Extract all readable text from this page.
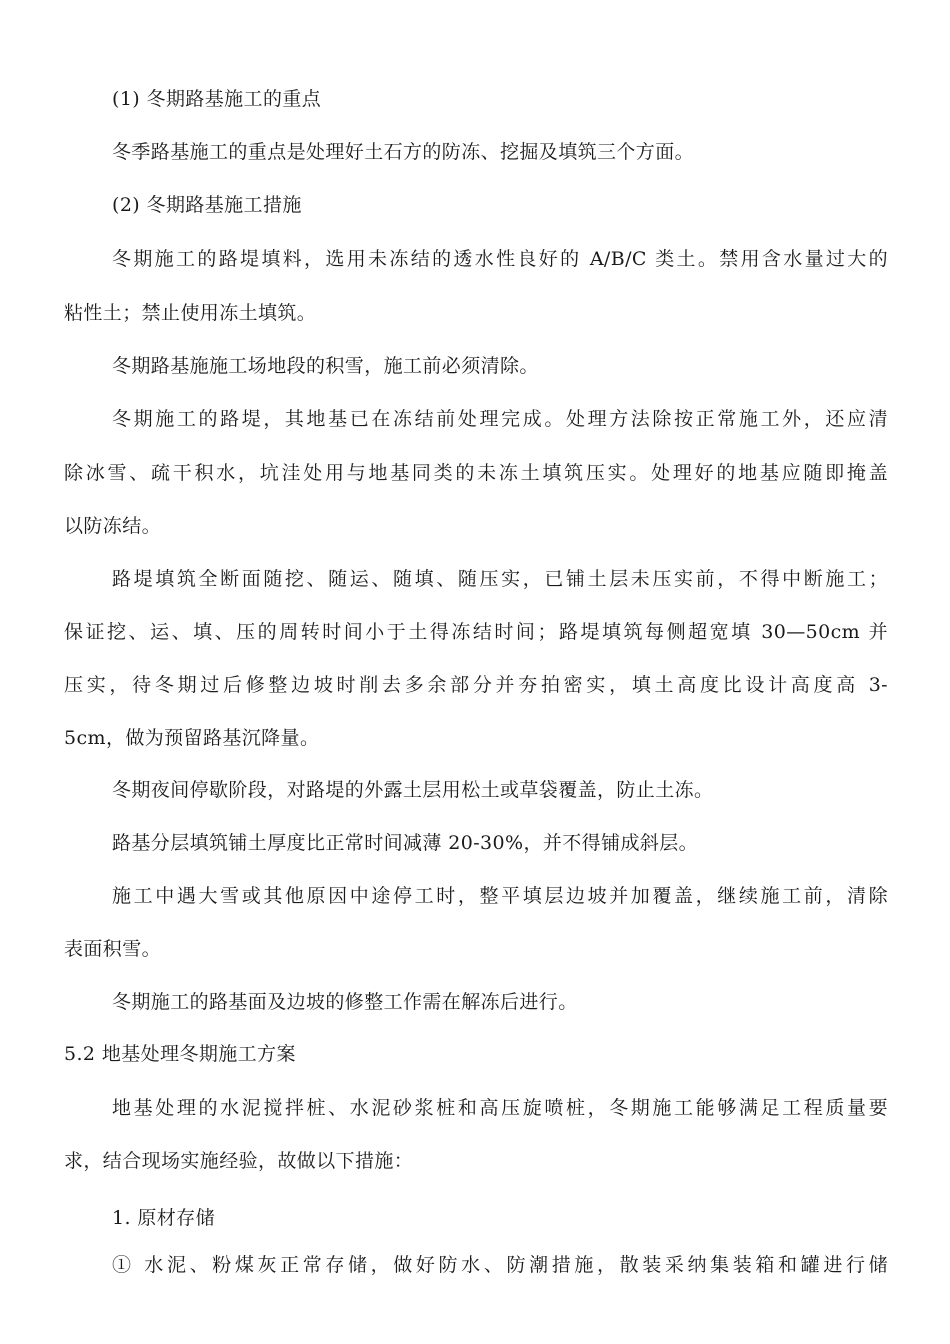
(1) 冬期路基施工的重点
冬季路基施工的重点是处理好土石方的防冻、挖掘及填筑三个方面。
(2) 冬期路基施工措施
冬期施工的路堤填料，选用未冻结的透水性良好的 A/B/C 类土。禁用含水量过大的
粘性土；禁止使用冻土填筑。
冬期路基施施工场地段的积雪，施工前必须清除。
冬期施工的路堤，其地基已在冻结前处理完成。处理方法除按正常施工外，还应清
除冰雪、疏干积水，坑洼处用与地基同类的未冻土填筑压实。处理好的地基应随即掩盖
以防冻结。
路堤填筑全断面随挖、随运、随填、随压实，已铺土层未压实前，不得中断施工；
保证挖、运、填、压的周转时间小于土得冻结时间；路堤填筑每侧超宽填 30—50cm 并
压实，待冬期过后修整边坡时削去多余部分并夯拍密实，填土高度比设计高度高 3-
5cm，做为预留路基沉降量。
冬期夜间停歇阶段，对路堤的外露土层用松土或草袋覆盖，防止土冻。
路基分层填筑铺土厚度比正常时间减薄 20-30%，并不得铺成斜层。
施工中遇大雪或其他原因中途停工时，整平填层边坡并加覆盖，继续施工前，清除
表面积雪。
冬期施工的路基面及边坡的修整工作需在解冻后进行。
5.2 地基处理冬期施工方案
地基处理的水泥搅拌桩、水泥砂浆桩和高压旋喷桩，冬期施工能够满足工程质量要
求，结合现场实施经验，故做以下措施：
1. 原材存储
① 水泥、粉煤灰正常存储，做好防水、防潮措施，散装采纳集装箱和罐进行储
